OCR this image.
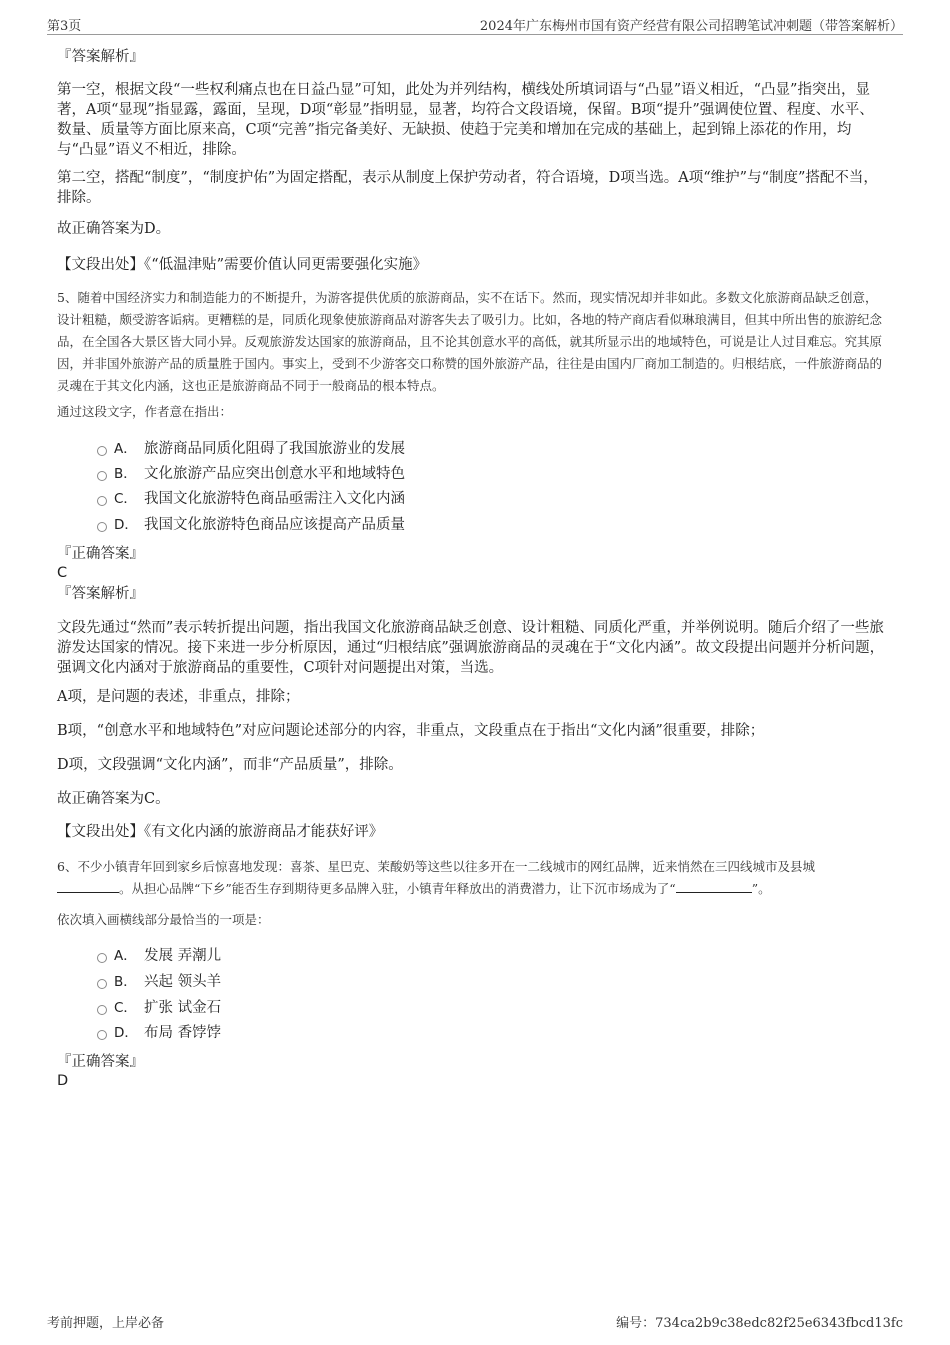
第3页	2024年广东梅州市国有资产经营有限公司招聘笔试冲刺题（带答案解析）
『答案解析』
第一空，根据文段“一些权利痛点也在日益凸显”可知，此处为并列结构，横线处所填词语与“凸显”语义相近，“凸显”指突出，显著，A项“显现”指显露，露面，呈现，D项“彰显”指明显，显著，均符合文段语境，保留。B项“提升”强调使位置、程度、水平、数量、质量等方面比原来高，C项“完善”指完备美好、无缺损、使趋于完美和增加在完成的基础上，起到锦上添花的作用，均与“凸显”语义不相近，排除。
第二空，搭配“制度”，“制度护佑”为固定搭配，表示从制度上保护劳动者，符合语境，D项当选。A项“维护”与“制度”搭配不当，排除。
故正确答案为D。
【文段出处】《“低温津贴”需要价值认同更需要强化实施》
5、随着中国经济实力和制造能力的不断提升，为游客提供优质的旅游商品，实不在话下。然而，现实情况却并非如此。多数文化旅游商品缺乏创意，设计粗糙，颇受游客诟病。更糟糕的是，同质化现象使旅游商品对游客失去了吸引力。比如，各地的特产商店看似琳琅满目，但其中所出售的旅游纪念品，在全国各大景区皆大同小异。反观旅游发达国家的旅游商品，且不论其创意水平的高低，就其所显示出的地域特色，可说是让人过目难忘。究其原因，并非国外旅游产品的质量胜于国内。事实上，受到不少游客交口称赞的国外旅游产品，往往是由国内厂商加工制造的。归根结底，一件旅游商品的灵魂在于其文化内涵，这也正是旅游商品不同于一般商品的根本特点。
通过这段文字，作者意在指出：
A． 旅游商品同质化阻碍了我国旅游业的发展
B． 文化旅游产品应突出创意水平和地域特色
C． 我国文化旅游特色商品亟需注入文化内涵
D． 我国文化旅游特色商品应该提高产品质量
『正确答案』
C
『答案解析』
文段先通过“然而”表示转折提出问题，指出我国文化旅游商品缺乏创意、设计粗糙、同质化严重，并举例说明。随后介绍了一些旅游发达国家的情况。接下来进一步分析原因，通过“归根结底”强调旅游商品的灵魂在于“文化内涵”。故文段提出问题并分析问题，强调文化内涵对于旅游商品的重要性，C项针对问题提出对策，当选。
A项，是问题的表述，非重点，排除；
B项，“创意水平和地域特色”对应问题论述部分的内容，非重点，文段重点在于指出“文化内涵”很重要，排除；
D项，文段强调“文化内涵”，而非“产品质量”，排除。
故正确答案为C。
【文段出处】《有文化内涵的旅游商品才能获好评》
6、不少小镇青年回到家乡后惊喜地发现：喜茶、星巴克、茉酸奶等这些以往多开在一二线城市的网红品牌，近来悄然在三四线城市及县城
。从担心品牌“下乡”能否生存到期待更多品牌入驻，小镇青年释放出的消费潜力，让下沉市场成为了“	”。
依次填入画横线部分最恰当的一项是：
A． 发展 弄潮儿
B． 兴起 领头羊
C． 扩张 试金石
D． 布局 香饽饽
『正确答案』
D
考前押题，上岸必备	编号：734ca2b9c38edc82f25e6343fbcd13fc
